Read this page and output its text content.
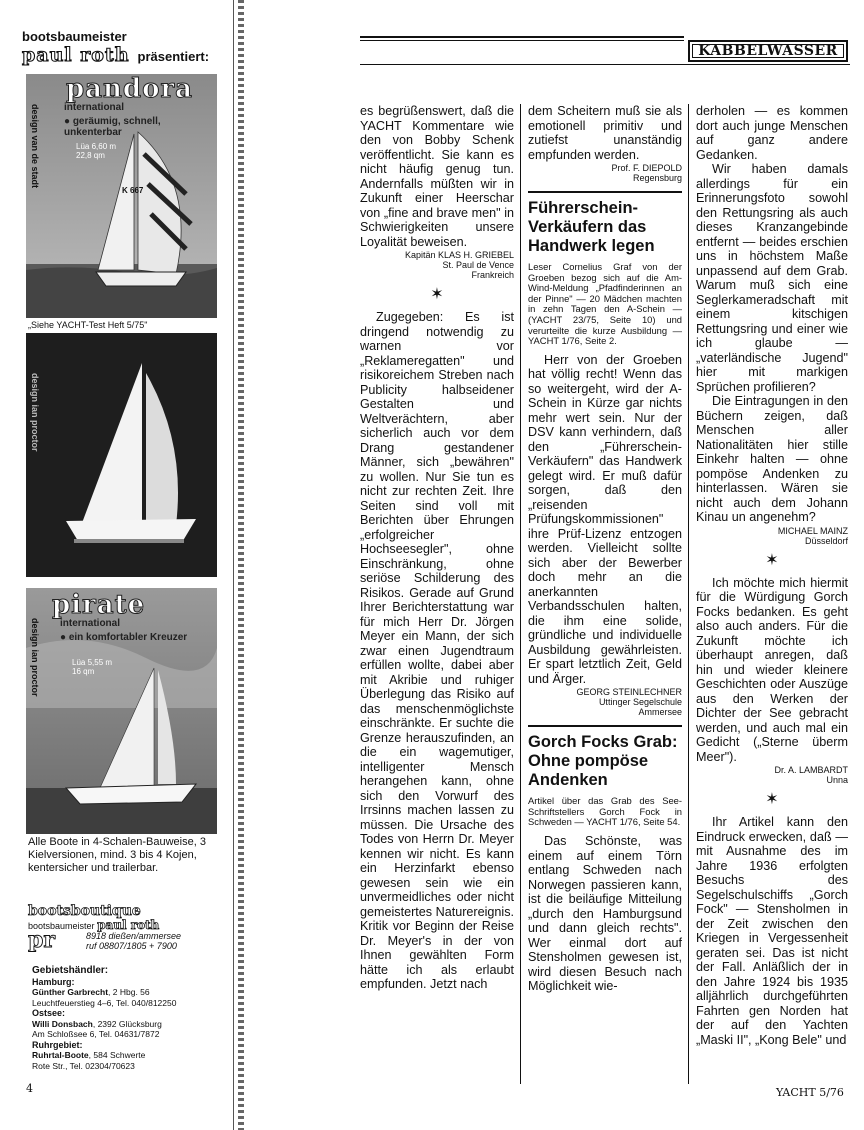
bootsbaumeister
paul roth präsentiert:
pandora
international
● geräumig, schnell, unkenterbar
Lüa 6,60 m
22,8 qm
design van de stadt
K 667
„Siehe YACHT-Test Heft 5/75"
design ian proctor
pirate
international
● ein komfortabler Kreuzer
Lüa 5,55 m
16 qm
design ian proctor
Alle Boote in 4-Schalen-Bauweise, 3 Kielversionen, mind. 3 bis 4 Kojen, kentersicher und trailerbar.
bootsboutique
bootsbaumeister paul roth
pr	8918 dießen/ammersee
ruf 08807/1805 + 7900
Gebietshändler:
Hamburg:
Günther Garbrecht, 2 Hbg. 56
Leuchtfeuerstieg 4–6, Tel. 040/812250
Ostsee:
Willi Donsbach, 2392 Glücksburg
Am Schloßsee 6, Tel. 04631/7872
Ruhrgebiet:
Ruhrtal-Boote, 584 Schwerte
Rote Str., Tel. 02304/70623
4
KABBELWASSER

es begrüßenswert, daß die YACHT Kommentare wie den von Bobby Schenk veröffentlicht. Sie kann es nicht häufig genug tun. Andernfalls müßten wir in Zukunft einer Heerschar von „fine and brave men" in Schwierigkeiten unsere Loyalität beweisen.

Kapitän KLAS H. GRIEBEL
St. Paul de Vence
Frankreich
✶

Zugegeben: Es ist dringend notwendig zu warnen vor „Reklameregatten" und risikoreichem Streben nach Publicity halbseidener Gestalten und Weltverächtern, aber sicherlich auch vor dem Drang gestandener Männer, sich „bewähren" zu wollen. Nur Sie tun es nicht zur rechten Zeit. Ihre Seiten sind voll mit Berichten über Ehrungen „erfolgreicher Hochseesegler", ohne Einschränkung, ohne seriöse Schilderung des Risikos. Gerade auf Grund Ihrer Berichterstattung war für mich Herr Dr. Jörgen Meyer ein Mann, der sich zwar einen Jugendtraum erfüllen wollte, dabei aber mit Akribie und ruhiger Überlegung das Risiko auf das menschenmöglichste einschränkte. Er suchte die Grenze herauszufinden, an die ein wagemutiger, intelligenter Mensch herangehen kann, ohne sich den Vorwurf des Irrsinns machen lassen zu müssen. Die Ursache des Todes von Herrn Dr. Meyer kennen wir nicht. Es kann ein Herzinfarkt ebenso gewesen sein wie ein unvermeidliches oder nicht gemeistertes Naturereignis. Kritik vor Beginn der Reise Dr. Meyer's in der von Ihnen gewählten Form hätte ich als erlaubt empfunden. Jetzt nach

dem Scheitern muß sie als emotionell primitiv und zutiefst unanständig empfunden werden.

Prof. F. DIEPOLD
Regensburg
Führerschein-Verkäufern das Handwerk legen

Leser Cornelius Graf von der Groeben bezog sich auf die Am-Wind-Meldung „Pfadfinderinnen an der Pinne" — 20 Mädchen machten in zehn Tagen den A-Schein — (YACHT 23/75, Seite 10) und verurteilte die kurze Ausbildung — YACHT 1/76, Seite 2.

Herr von der Groeben hat völlig recht! Wenn das so weitergeht, wird der A-Schein in Kürze gar nichts mehr wert sein. Nur der DSV kann verhindern, daß den „Führerschein-Verkäufern" das Handwerk gelegt wird. Er muß dafür sorgen, daß den „reisenden Prüfungskommissionen" ihre Prüf-Lizenz entzogen werden. Vielleicht sollte sich aber der Bewerber doch mehr an die anerkannten Verbandsschulen halten, die ihm eine solide, gründliche und individuelle Ausbildung gewährleisten. Er spart letztlich Zeit, Geld und Ärger.

GEORG STEINLECHNER
Uttinger Segelschule
Ammersee
Gorch Focks Grab: Ohne pompöse Andenken

Artikel über das Grab des See-Schriftstellers Gorch Fock in Schweden — YACHT 1/76, Seite 54.

Das Schönste, was einem auf einem Törn entlang Schweden nach Norwegen passieren kann, ist die beiläufige Mitteilung „durch den Hamburgsund und dann gleich rechts". Wer einmal dort auf Stensholmen gewesen ist, wird diesen Besuch nach Möglichkeit wie-

derholen — es kommen dort auch junge Menschen auf ganz andere Gedanken.

Wir haben damals allerdings für ein Erinnerungsfoto sowohl den Rettungsring als auch dieses Kranzangebinde entfernt — beides erschien uns in höchstem Maße unpassend auf dem Grab. Warum muß sich eine Seglerkameradschaft mit einem kitschigen Rettungsring und einer wie ich glaube — „vaterländische Jugend" hier mit markigen Sprüchen profilieren?

Die Eintragungen in den Büchern zeigen, daß Menschen aller Nationalitäten hier stille Einkehr halten — ohne pompöse Andenken zu hinterlassen. Wären sie nicht auch dem Johann Kinau un angenehm?

MICHAEL MAINZ
Düsseldorf
✶

Ich möchte mich hiermit für die Würdigung Gorch Focks bedanken. Es geht also auch anders. Für die Zukunft möchte ich überhaupt anregen, daß hin und wieder kleinere Geschichten oder Auszüge aus den Werken der Dichter der See gebracht werden, und auch mal ein Gedicht („Sterne überm Meer").

Dr. A. LAMBARDT
Unna
✶

Ihr Artikel kann den Eindruck erwecken, daß — mit Ausnahme des im Jahre 1936 erfolgten Besuchs des Segelschulschiffs „Gorch Fock" — Stensholmen in der Zeit zwischen den Kriegen in Vergessenheit geraten sei. Das ist nicht der Fall. Anläßlich der in den Jahre 1924 bis 1935 alljährlich durchgeführten Fahrten gen Norden hat der auf den Yachten „Maski II", „Kong Bele" und

YACHT 5/76
